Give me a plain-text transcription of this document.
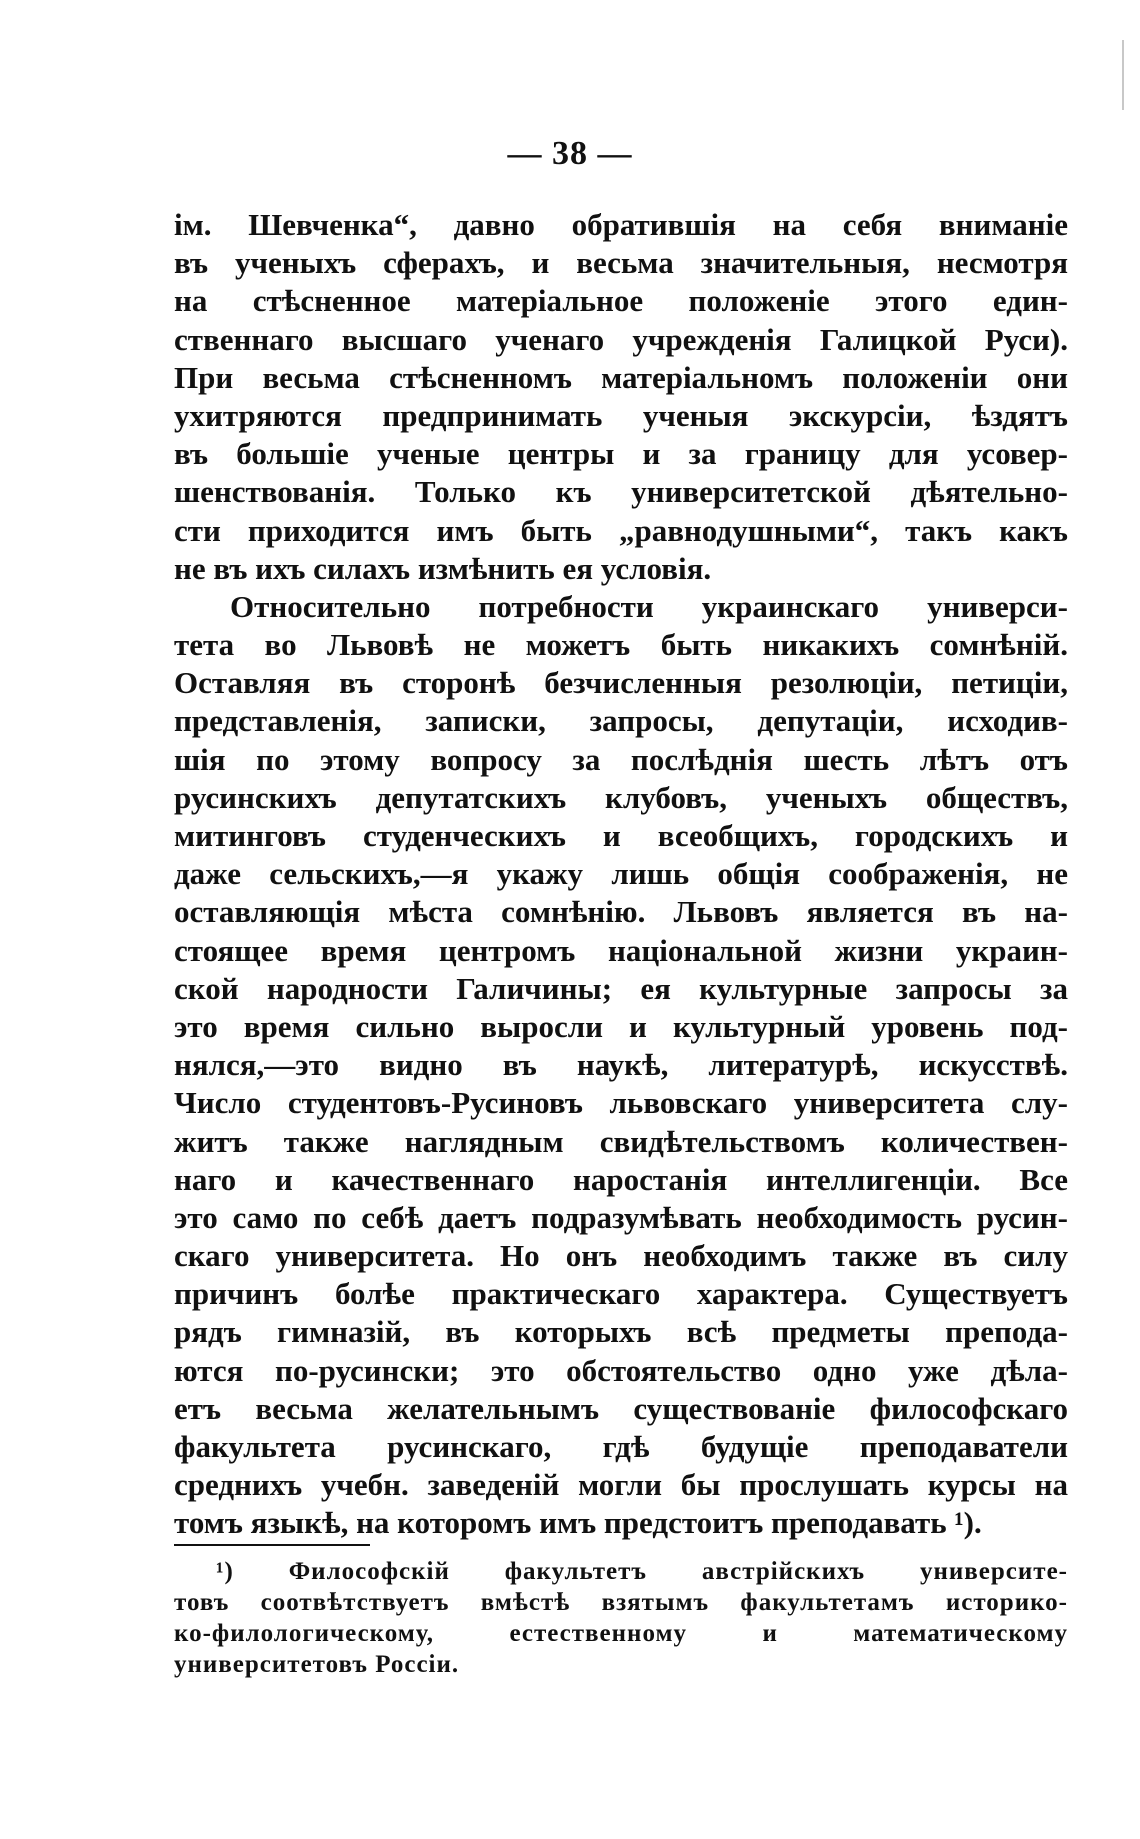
— 38 —
ім. Шевченка“, давно обратившія на себя вниманіе
въ ученыхъ сферахъ, и весьма значительныя, несмотря
на стѣсненное матеріальное положеніе этого един-
ственнаго высшаго ученаго учрежденія Галицкой Руси).
При весьма стѣсненномъ матеріальномъ положеніи они
ухитряются предпринимать ученыя экскурсіи, ѣздятъ
въ большіе ученые центры и за границу для усовер-
шенствованія. Только къ университетской дѣятельно-
сти приходится имъ быть „равнодушными“, такъ какъ
не въ ихъ силахъ измѣнить ея условія.
Относительно потребности украинскаго универси-
тета во Львовѣ не можетъ быть никакихъ сомнѣній.
Оставляя въ сторонѣ безчисленныя резолюціи, петиціи,
представленія, записки, запросы, депутаціи, исходив-
шія по этому вопросу за послѣднія шесть лѣтъ отъ
русинскихъ депутатскихъ клубовъ, ученыхъ обществъ,
митинговъ студенческихъ и всеобщихъ, городскихъ и
даже сельскихъ,—я укажу лишь общія соображенія, не
оставляющія мѣста сомнѣнію. Львовъ является въ на-
стоящее время центромъ національной жизни украин-
ской народности Галичины; ея культурные запросы за
это время сильно выросли и культурный уровень под-
нялся,—это видно въ наукѣ, литературѣ, искусствѣ.
Число студентовъ-Русиновъ львовскаго университета слу-
житъ также наглядным свидѣтельствомъ количествен-
наго и качественнаго наростанія интеллигенціи. Все
это само по себѣ даетъ подразумѣвать необходимость русин-
скаго университета. Но онъ необходимъ также въ силу
причинъ болѣе практическаго характера. Существуетъ
рядъ гимназій, въ которыхъ всѣ предметы препода-
ются по-русински; это обстоятельство одно уже дѣла-
етъ весьма желательнымъ существованіе философскаго
факультета русинскаго, гдѣ будущіе преподаватели
среднихъ учебн. заведеній могли бы прослушать курсы на
томъ языкѣ, на которомъ имъ предстоитъ преподавать ¹).
¹) Философскій факультетъ австрійскихъ университе-
товъ соотвѣтствуетъ вмѣстѣ взятымъ факультетамъ историко-
ко-филологическому, естественному и математическому
университетовъ Россіи.
